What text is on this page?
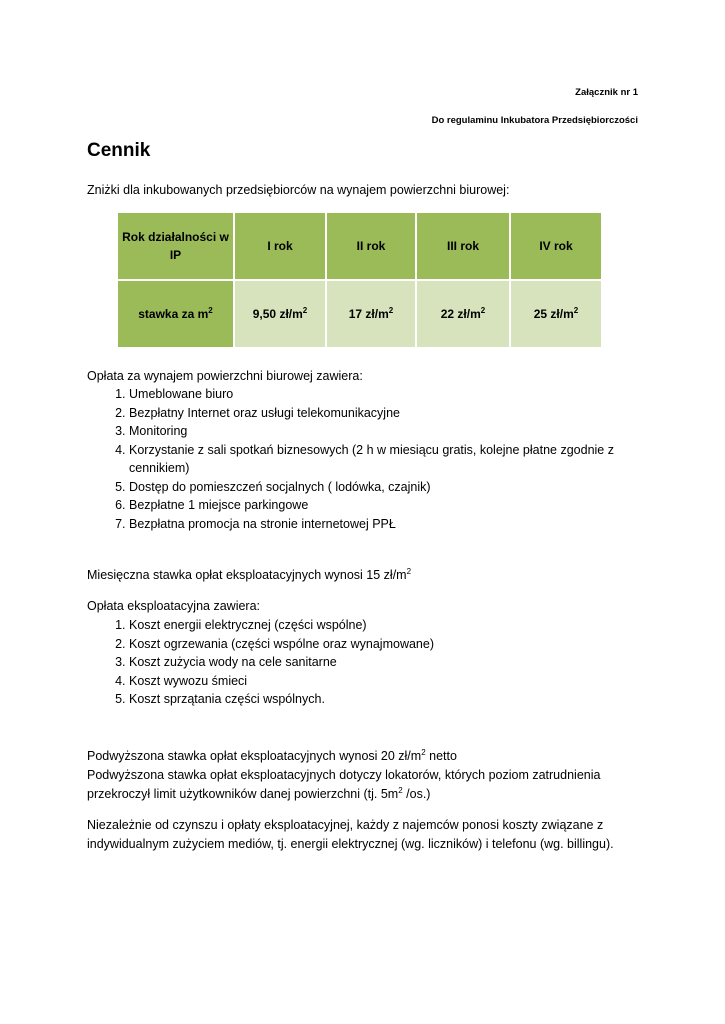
Załącznik nr 1
Do regulaminu Inkubatora Przedsiębiorczości
Cennik

Zniżki dla inkubowanych przedsiębiorców na wynajem powierzchni biurowej:

Rok działalności w IP	I rok	II rok	III rok	IV rok
stawka za $m^2$	9,50 $zł/m^2$	17 $zł/m^2$	22 $zł/m^2$	25 $zł/m^2$

Opłata za wynajem powierzchni biurowej zawiera:

1. Umeblowane biuro
2. Bezpłatny Internet oraz usługi telekomunikacyjne
3. Monitoring
4. Korzystanie z sali spotkań biznesowych (2 h w miesiącu gratis, kolejne płatne zgodnie z cennikiem)
5. Dostęp do pomieszczeń socjalnych ( lodówka, czajnik)
6. Bezpłatne 1 miejsce parkingowe
7. Bezpłatna promocja na stronie internetowej PPŁ

Miesięczna stawka opłat eksploatacyjnych wynosi 15 $zł/m^2$

Opłata eksploatacyjna zawiera:

1. Koszt energii elektrycznej (części wspólne)
2. Koszt ogrzewania (części wspólne oraz wynajmowane)
3. Koszt zużycia wody na cele sanitarne
4. Koszt wywozu śmieci
5. Koszt sprzątania części wspólnych.

Podwyższona stawka opłat eksploatacyjnych wynosi 20 $zł/m^2$ netto

Podwyższona stawka opłat eksploatacyjnych dotyczy lokatorów, których poziom zatrudnienia przekroczył limit użytkowników danej powierzchni (tj. $5m^2$ /os.)

Niezależnie od czynszu i opłaty eksploatacyjnej, każdy z najemców ponosi koszty związane z indywidualnym zużyciem mediów, tj. energii elektrycznej (wg. liczników) i telefonu (wg. billingu).
